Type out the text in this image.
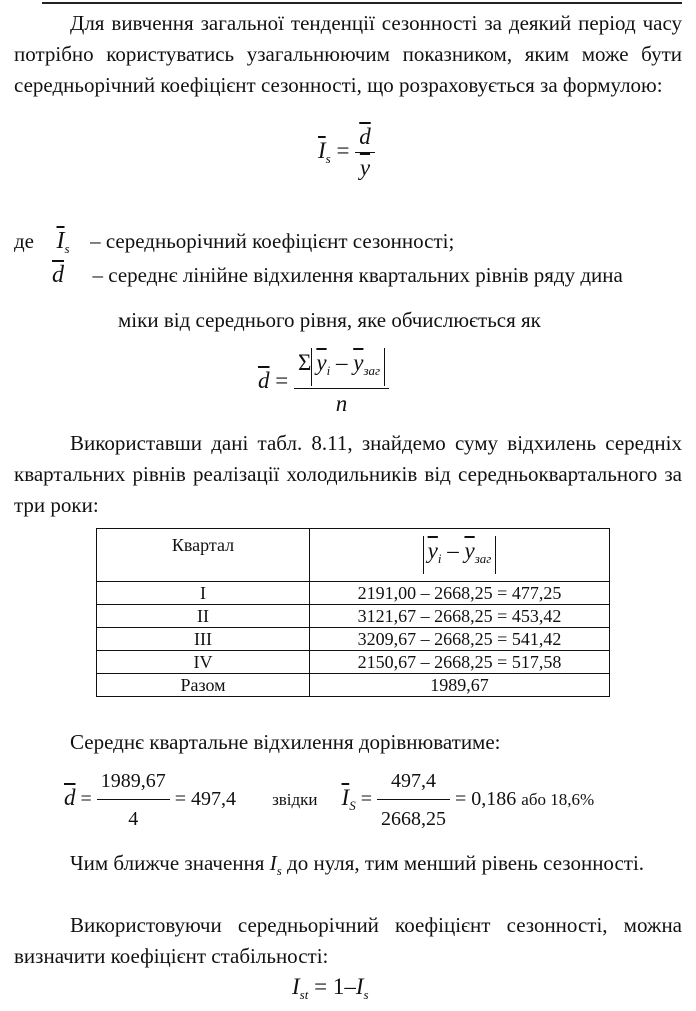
Для вивчення загальної тенденції сезонності за деякий період часу потрібно користуватись узагальнюючим показником, яким може бути середньорічний коефіцієнт сезонності, що розраховується за формулою:

$\overline{I}_s = \frac{\overline{d}}{y}$
де $\overline{I}_s$ – середньорічний коефіцієнт сезонності;
$\overline{d}$ – середнє лінійне відхилення квартальних рівнів ряду дина
міки від середнього рівня, яке обчислюється як
$\overline{d} = \frac{\Sigma \overline{y}_i - \overline{y}_{заг}}{n}$

Використавши дані табл. 8.11, знайдемо суму відхилень середніх квартальних рівнів реалізації холодильників від середньоквартального за три роки:

Квартал	$\overline{y}_i - \overline{y}_{заг}$
I	2191,00 – 2668,25 = 477,25
II	3121,67 – 2668,25 = 453,42
III	3209,67 – 2668,25 = 541,42
IV	2150,67 – 2668,25 = 517,58
Разом	1989,67
Середнє квартальне відхилення дорівнюватиме:
$\overline{d} = \frac{1989,67}{4} = 497,4$ звідки $\overline{I}_S = \frac{497,4}{2668,25} = 0,186$ або 18,6%

Чим ближче значення $I_s$ до нуля, тим менший рівень сезонності.

Використовуючи середньорічний коефіцієнт сезонності, можна визначити коефіцієнт стабільності:

$I_{st} = 1-I_s$
